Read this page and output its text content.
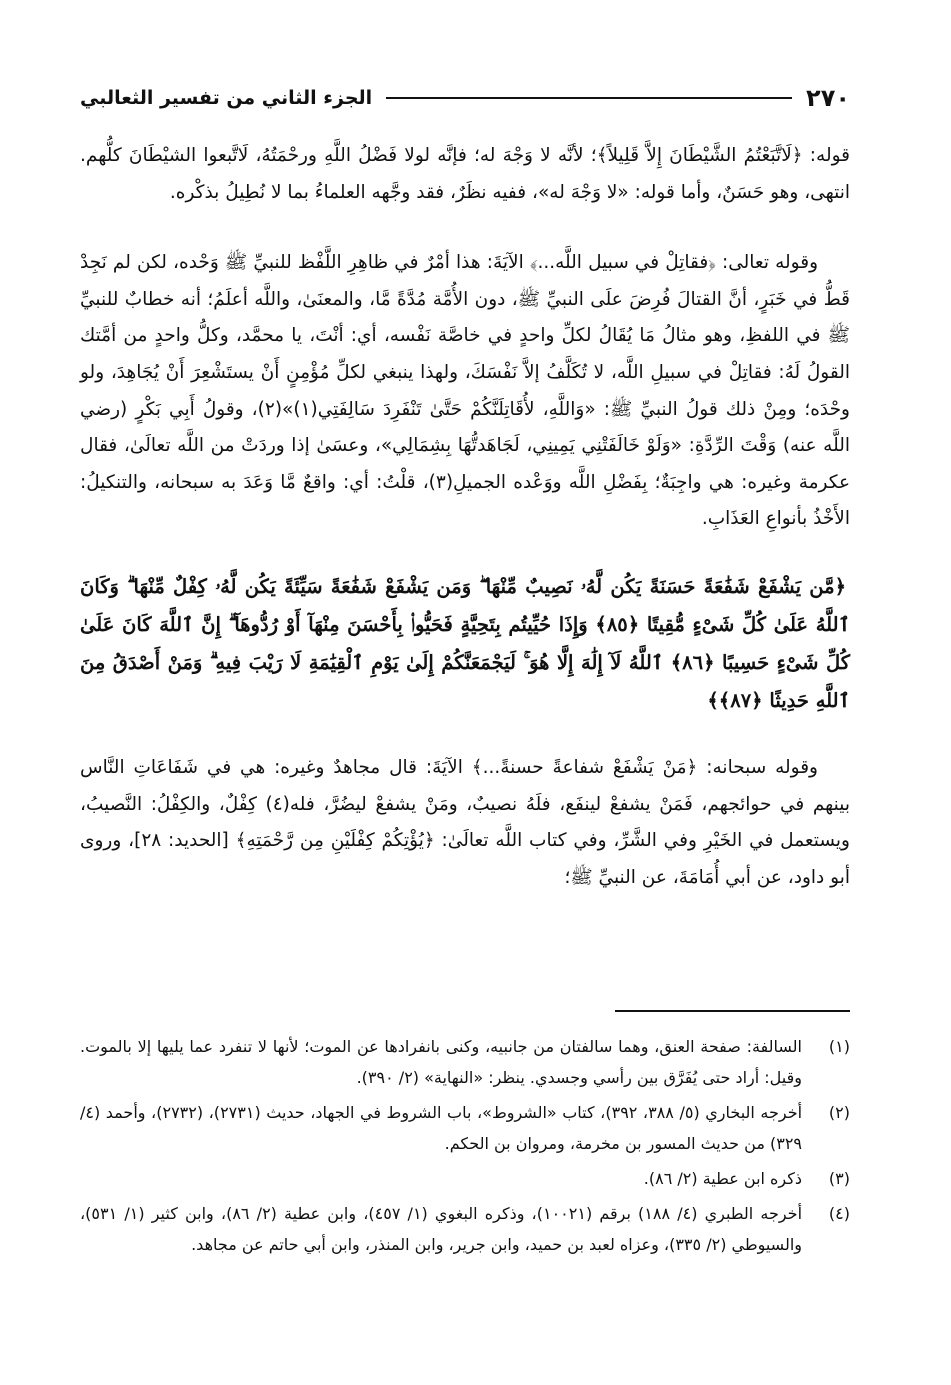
٢٧٠
الجزء الثاني من تفسير الثعالبي

قوله: ﴿لَاتَّبَعْتُمُ الشَّيْطَانَ إِلاَّ قَلِيلاً﴾؛ لأنَّه لا وَجْهَ له؛ فإنَّه لولا فَضْلُ اللَّهِ ورحْمَتُهُ، لَاتَّبعوا الشيْطَانَ كلُّهم. انتهى، وهو حَسَنٌ، وأما قوله: «لا وَجْهَ له»، ففيه نظَرٌ، فقد وجَّهه العلماءُ بما لا نُطِيلُ بذكْره.

وقوله تعالى: ﴿فقاتِلْ في سبيل اللَّه...﴾ الآيَةَ: هذا أمْرٌ في ظاهِرِ اللَّفْظ للنبيِّ ﷺ وَحْده، لكن لم نَجِدْ قَطُّ في خَبَرٍ، أنَّ القتالَ فُرِضَ علَى النبيِّ ﷺ، دون الأُمَّة مُدَّةً مَّا، والمعنَىٰ، واللَّه أعلَمُ؛ أنه خطابٌ للنبيِّ ﷺ في اللفظِ، وهو مثالُ مَا يُقَالُ لكلِّ واحدٍ في خاصَّة نَفْسه، أي: أنْتَ، يا محمَّد، وكلُّ واحدٍ من أمَّتك القولُ لَهُ: فقاتِلْ في سبيلِ اللَّه، لا تُكَلَّفُ إلاَّ نَفْسَكَ، ولهذا ينبغي لكلِّ مُؤْمِنٍ أَنْ يستَشْعِرَ أَنْ يُجَاهِدَ، ولو وحْدَه؛ ومِنْ ذلك قولُ النبيِّ ﷺ: «وَاللَّهِ، لأُقَاتِلَنَّكُمْ حَتَّىٰ تَنْفَرِدَ سَالِفَتِي(١)»(٢)، وقولُ أَبِي بَكْرٍ (رضي اللَّه عنه) وَقْتَ الرِّدَّةِ: «وَلَوْ خَالَفَتْنِي يَمِينِي، لَجَاهَدتُّهَا بِشِمَالِي»، وعسَىٰ إذا وردَتْ من اللَّه تعالَىٰ، فقال عكرمة وغيره: هي واجِبَةٌ؛ بِفَضْلِ اللَّه ووَعْده الجميلِ(٣)، قلْتُ: أي: واقعٌ مَّا وَعَدَ به سبحانه، والتنكيلُ: الأَخْذُ بأنواعِ العَذَابِ.

﴿مَّن يَشْفَعْ شَفَٰعَةً حَسَنَةً يَكُن لَّهُۥ نَصِيبٌ مِّنْهَا ۖ وَمَن يَشْفَعْ شَفَٰعَةً سَيِّئَةً يَكُن لَّهُۥ كِفْلٌ مِّنْهَا ۗ وَكَانَ ٱللَّهُ عَلَىٰ كُلِّ شَىْءٍ مُّقِيتًا ﴿٨٥﴾ وَإِذَا حُيِّيتُم بِتَحِيَّةٍ فَحَيُّوا۟ بِأَحْسَنَ مِنْهَآ أَوْ رُدُّوهَآ ۗ إِنَّ ٱللَّهَ كَانَ عَلَىٰ كُلِّ شَىْءٍ حَسِيبًا ﴿٨٦﴾ ٱللَّهُ لَآ إِلَٰهَ إِلَّا هُوَ ۚ لَيَجْمَعَنَّكُمْ إِلَىٰ يَوْمِ ٱلْقِيَٰمَةِ لَا رَيْبَ فِيهِ ۗ وَمَنْ أَصْدَقُ مِنَ ٱللَّهِ حَدِيثًا ﴿٨٧﴾﴾

وقوله سبحانه: ﴿مَنْ يَشْفَعْ شفاعةً حسنةً...﴾ الآيَةَ: قال مجاهدٌ وغيره: هي في شَفَاعَاتِ النَّاس بينهم في حوائجهم، فَمَنْ يشفعْ لينفَع، فلَهُ نصيبٌ، ومَنْ يشفعْ ليضُرَّ، فله(٤) كِفْلٌ، والكِفْلُ: النَّصيبُ، ويستعمل في الخَيْرِ وفي الشَّرِّ، وفي كتاب اللَّه تعالَىٰ: ﴿يُؤْتِكُمْ كِفْلَيْنِ مِن رَّحْمَتِهِ﴾ [الحديد: ٢٨]، وروى أبو داود، عن أبي أُمَامَةَ، عن النبيِّ ﷺ؛

(١)

السالفة: صفحة العنق، وهما سالفتان من جانبيه، وكنى بانفرادها عن الموت؛ لأنها لا تنفرد عما يليها إلا بالموت. وقيل: أراد حتى يُفَرَّق بين رأسي وجسدي. ينظر: «النهاية» (٢/ ٣٩٠).

(٢)

أخرجه البخاري (٥/ ٣٨٨، ٣٩٢)، كتاب «الشروط»، باب الشروط في الجهاد، حديث (٢٧٣١)، (٢٧٣٢)، وأحمد (٤/ ٣٢٩) من حديث المسور بن مخرمة، ومروان بن الحكم.

(٣)

ذكره ابن عطية (٢/ ٨٦).

(٤)

أخرجه الطبري (٤/ ١٨٨) برقم (١٠٠٢١)، وذكره البغوي (١/ ٤٥٧)، وابن عطية (٢/ ٨٦)، وابن كثير (١/ ٥٣١)، والسيوطي (٢/ ٣٣٥)، وعزاه لعبد بن حميد، وابن جرير، وابن المنذر، وابن أبي حاتم عن مجاهد.
